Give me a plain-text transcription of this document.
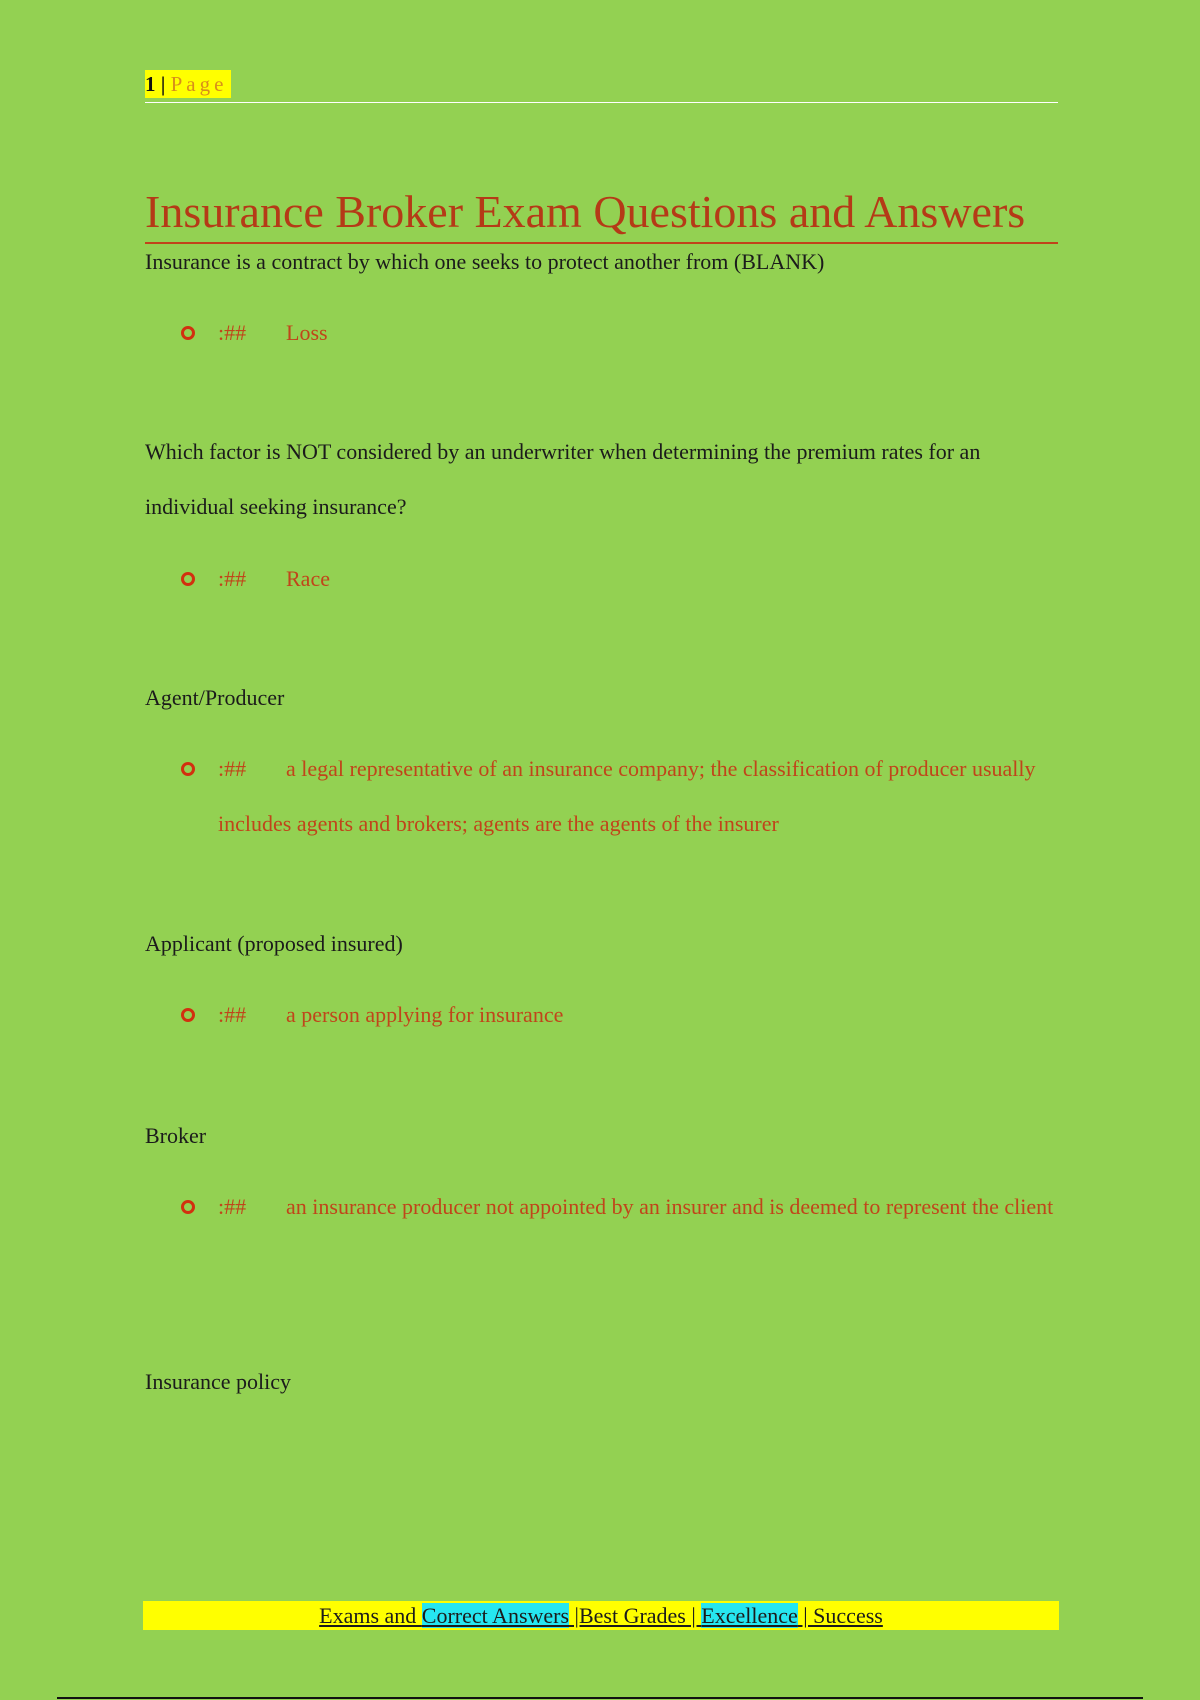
1 | Page
Insurance Broker Exam Questions and Answers
Insurance is a contract by which one seeks to protect another from (BLANK)
:## Loss
Which factor is NOT considered by an underwriter when determining the premium rates for an individual seeking insurance?
:## Race
Agent/Producer
:## a legal representative of an insurance company; the classification of producer usually includes agents and brokers; agents are the agents of the insurer
Applicant (proposed insured)
:## a person applying for insurance
Broker
:## an insurance producer not appointed by an insurer and is deemed to represent the client
Insurance policy
Exams and Correct Answers |Best Grades | Excellence | Success
